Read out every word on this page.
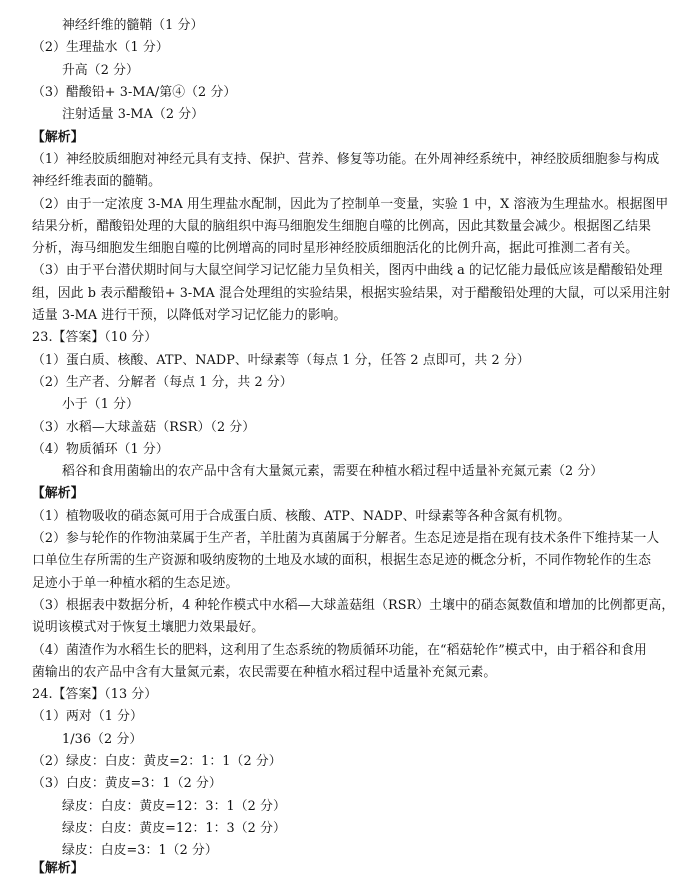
神经纤维的髓鞘（1 分）
（2）生理盐水（1 分）
升高（2 分）
（3）醋酸铅+ 3-MA/第④（2 分）
注射适量 3-MA（2 分）
【解析】
（1）神经胶质细胞对神经元具有支持、保护、营养、修复等功能。在外周神经系统中，神经胶质细胞参与构成
神经纤维表面的髓鞘。
（2）由于一定浓度 3-MA 用生理盐水配制，因此为了控制单一变量，实验 1 中，X 溶液为生理盐水。根据图甲
结果分析，醋酸铅处理的大鼠的脑组织中海马细胞发生细胞自噬的比例高，因此其数量会减少。根据图乙结果
分析，海马细胞发生细胞自噬的比例增高的同时星形神经胶质细胞活化的比例升高，据此可推测二者有关。
（3）由于平台潜伏期时间与大鼠空间学习记忆能力呈负相关，图丙中曲线 a 的记忆能力最低应该是醋酸铅处理
组，因此 b 表示醋酸铅+ 3-MA 混合处理组的实验结果，根据实验结果，对于醋酸铅处理的大鼠，可以采用注射
适量 3-MA 进行干预，以降低对学习记忆能力的影响。
23.【答案】（10 分）
（1）蛋白质、核酸、ATP、NADP、叶绿素等（每点 1 分，任答 2 点即可，共 2 分）
（2）生产者、分解者（每点 1 分，共 2 分）
小于（1 分）
（3）水稻—大球盖菇（RSR）（2 分）
（4）物质循环（1 分）
稻谷和食用菌输出的农产品中含有大量氮元素，需要在种植水稻过程中适量补充氮元素（2 分）
【解析】
（1）植物吸收的硝态氮可用于合成蛋白质、核酸、ATP、NADP、叶绿素等各种含氮有机物。
（2）参与轮作的作物油菜属于生产者，羊肚菌为真菌属于分解者。生态足迹是指在现有技术条件下维持某一人
口单位生存所需的生产资源和吸纳废物的土地及水域的面积，根据生态足迹的概念分析，不同作物轮作的生态
足迹小于单一种植水稻的生态足迹。
（3）根据表中数据分析，4 种轮作模式中水稻—大球盖菇组（RSR）土壤中的硝态氮数值和增加的比例都更高，
说明该模式对于恢复土壤肥力效果最好。
（4）菌渣作为水稻生长的肥料，这利用了生态系统的物质循环功能，在“稻菇轮作”模式中，由于稻谷和食用
菌输出的农产品中含有大量氮元素，农民需要在种植水稻过程中适量补充氮元素。
24.【答案】（13 分）
（1）两对（1 分）
1/36（2 分）
（2）绿皮：白皮：黄皮=2：1：1（2 分）
（3）白皮：黄皮=3：1（2 分）
绿皮：白皮：黄皮=12：3：1（2 分）
绿皮：白皮：黄皮=12：1：3（2 分）
绿皮：白皮=3：1（2 分）
【解析】
